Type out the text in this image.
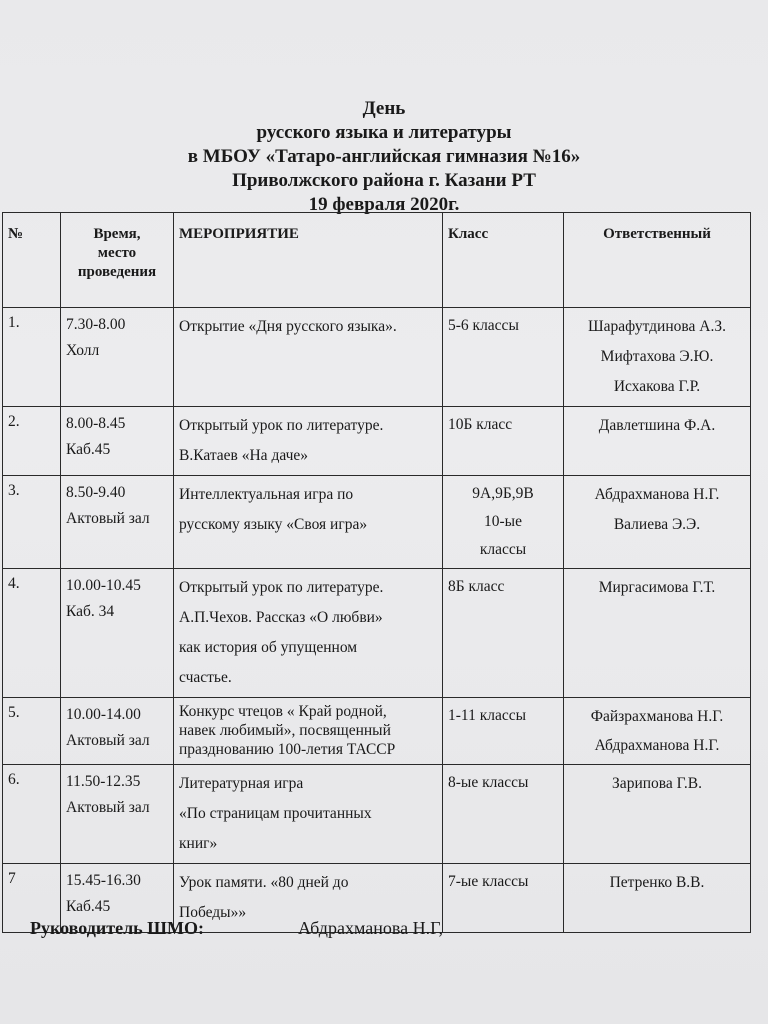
День
русского языка и литературы
в МБОУ «Татаро-английская гимназия №16»
Приволжского района г. Казани РТ
19 февраля 2020г.
№	Время,
место
проведения	МЕРОПРИЯТИЕ	Класс	Ответственный
1.	7.30-8.00
Холл	Открытие «Дня русского языка».	5-6 классы	Шарафутдинова А.З.
Мифтахова Э.Ю.
Исхакова Г.Р.

2.	8.00-8.45
Каб.45	Открытый урок по литературе.
В.Катаев «На даче»	10Б класс	Давлетшина Ф.А.

3.	8.50-9.40
Актовый зал	Интеллектуальная игра по
русскому языку «Своя игра»	9А,9Б,9В
10-ые
классы	Абдрахманова Н.Г.
Валиева Э.Э.

4.	10.00-10.45
Каб. 34	Открытый урок по литературе.
А.П.Чехов. Рассказ «О любви»
как история об упущенном
счастье.	8Б класс	Миргасимова Г.Т.

5.	10.00-14.00
Актовый зал	Конкурс чтецов « Край родной,
навек любимый», посвященный
празднованию 100-летия ТАССР	1-11 классы	Файзрахманова Н.Г.
Абдрахманова Н.Г.

6.	11.50-12.35
Актовый зал	Литературная игра
«По страницам прочитанных
книг»	8-ые классы	Зарипова Г.В.

7	15.45-16.30
Каб.45	Урок памяти. «80 дней до
Победы»»	7-ые классы	Петренко В.В.
Руководитель ШМО:	Абдрахманова Н.Г,
